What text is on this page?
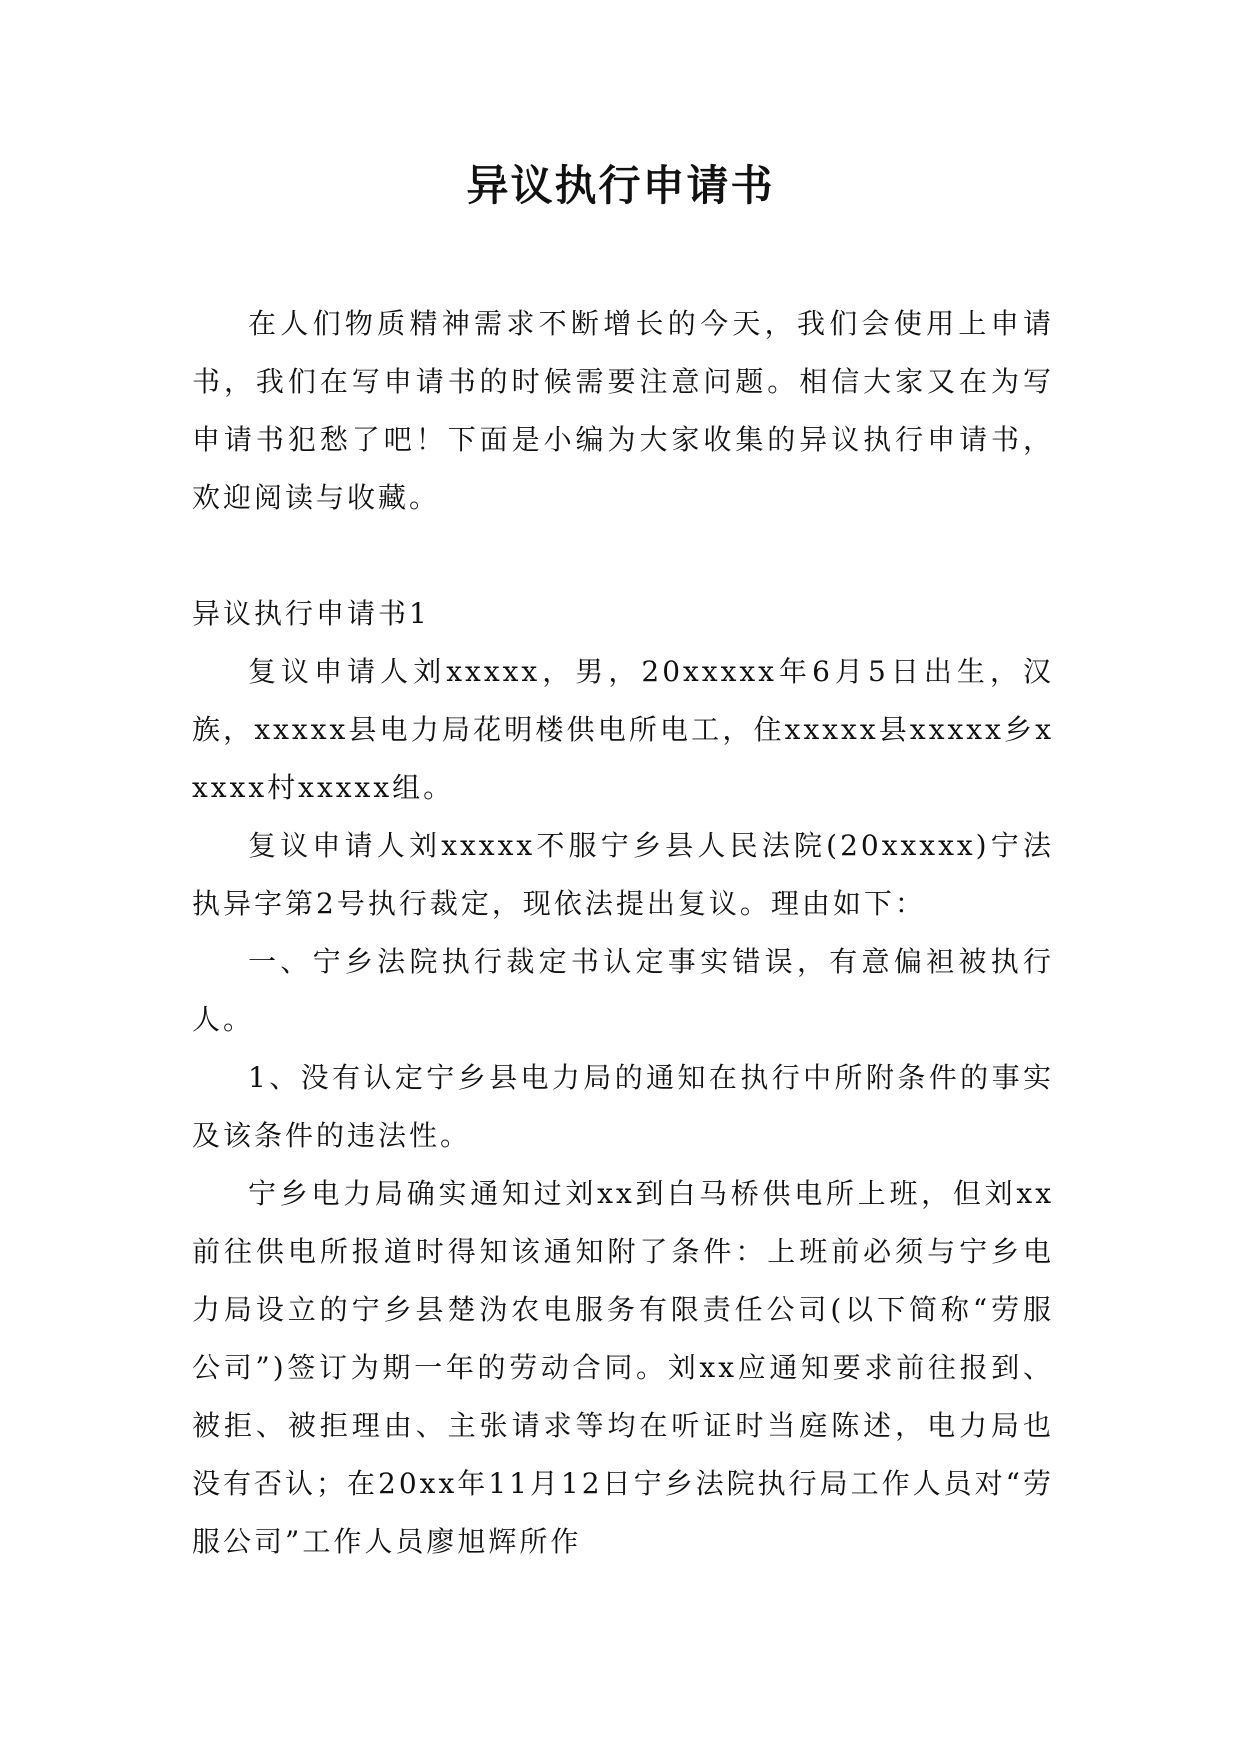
异议执行申请书

在人们物质精神需求不断增长的今天，我们会使用上申请书，我们在写申请书的时候需要注意问题。相信大家又在为写申请书犯愁了吧！下面是小编为大家收集的异议执行申请书，欢迎阅读与收藏。

异议执行申请书1

复议申请人刘xxxxx，男，20xxxxx年6月5日出生，汉族，xxxxx县电力局花明楼供电所电工，住xxxxx县xxxxx乡xxxxx村xxxxx组。

复议申请人刘xxxxx不服宁乡县人民法院(20xxxxx)宁法执异字第2号执行裁定，现依法提出复议。理由如下：

一、宁乡法院执行裁定书认定事实错误，有意偏袒被执行人。

1、没有认定宁乡县电力局的通知在执行中所附条件的事实及该条件的违法性。

宁乡电力局确实通知过刘xx到白马桥供电所上班，但刘xx前往供电所报道时得知该通知附了条件：上班前必须与宁乡电力局设立的宁乡县楚沩农电服务有限责任公司(以下简称“劳服公司”)签订为期一年的劳动合同。刘xx应通知要求前往报到、被拒、被拒理由、主张请求等均在听证时当庭陈述，电力局也没有否认；在20xx年11月12日宁乡法院执行局工作人员对“劳服公司”工作人员廖旭辉所作
